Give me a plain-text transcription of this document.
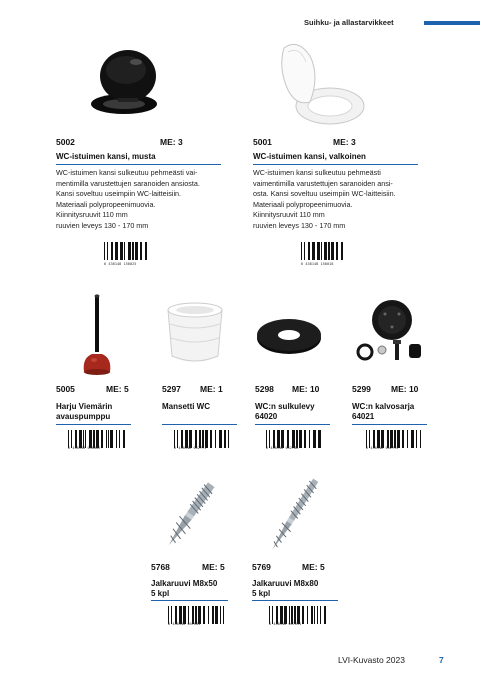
Suihku- ja allastarvikkeet
5002	ME: 3
WC-istuimen kansi, musta
WC-istuimen kansi sulkeutuu pehmeästi vai-
mentimilla varustettujen saranoiden ansiosta.
Kansi soveltuu useimpiin WC-laitteisiin.
Materiaali polypropeenimuovia.
Kiinnitysruuvit 110 mm
ruuvien leveys 130 - 170 mm
6 438148 150025
5001	ME: 3
WC-istuimen kansi, valkoinen
WC-istuimen kansi sulkeutuu pehmeästi
vaimentimilla varustettujen saranoiden ansi-
osta. Kansi soveltuu useimpiin WC-laitteisiin.
Materiaali polypropeenimuovia.
Kiinnitysruuvit 110 mm
ruuvien leveys 130 - 170 mm
6 438148 150018
5005	ME: 5
Harju Viemärin
avauspumppu
6 438148 030082
5297 ME: 1
Mansetti WC
6 438148 052771
5298 ME: 10
WC:n sulkulevy
64020
6 438148 052788
5299 ME: 10
WC:n kalvosarja
64021
6 438148 052795
5768	ME: 5
Jalkaruuvi M8x50
5 kpl
6 438148 057684
5769	ME: 5
Jalkaruuvi M8x80
5 kpl
6 438148 057691
LVI-Kuvasto 2023	7
